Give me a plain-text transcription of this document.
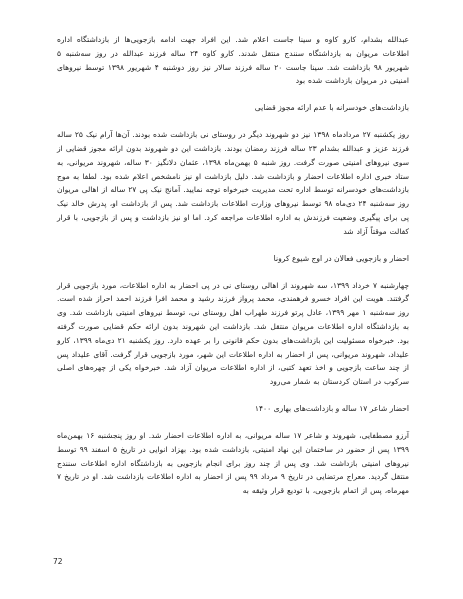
عبدالله بشدام، کارو کاوه و سینا جاست اعلام شد. این افراد جهت ادامه بازجویی‌ها از بازداشتگاه اداره اطلاعات مریوان به بازداشتگاه سنندج منتقل شدند. کارو کاوه ۲۴ ساله فرزند عبدالله در روز سه‌شنبه ۵ شهریور ۹۸ بازداشت شد. سینا جاست ۲۰ ساله فرزند سالار نیز روز دوشنبه ۴ شهریور ۱۳۹۸ توسط نیروهای امنیتی در مریوان بازداشت شده بود

بازداشت‌های خودسرانه با عدم ارائه مجوز قضایی

روز یکشنبه ۲۷ مردادماه ۱۳۹۸ نیز دو شهروند دیگر در روستای نی بازداشت شده بودند. آن‌ها آرام نیک ۲۵ ساله فرزند عزیز و عبدالله بشدام ۲۳ ساله فرزند رمضان بودند. بازداشت این دو شهروند بدون ارائه مجوز قضایی از سوی نیروهای امنیتی صورت گرفت. روز شنبه ۵ بهمن‌ماه ۱۳۹۸، عثمان دلانگیز ۳۰ ساله، شهروند مریوانی، به ستاد خبری اداره اطلاعات احضار و بازداشت شد. دلیل بازداشت او نیز نامشخص اعلام شده بود. لطفا به موج بازداشت‌های خودسرانه توسط اداره تحت مدیریت خبرخواه توجه نمایید. آمانج نیک پی ۲۷ ساله از اهالی مریوان روز سه‌شنبه ۲۴ دی‌ماه ۹۸ توسط نیروهای وزارت اطلاعات بازداشت شد. پس از بازداشت او، پدرش خالد نیک پی برای پیگیری وضعیت فرزندش به اداره اطلاعات مراجعه کرد. اما او نیز بازداشت و پس از بازجویی، با قرار کفالت موقتاً آزاد شد

احضار و بازجویی فعالان در اوج شیوع کرونا

چهارشنبه ۷ خرداد ۱۳۹۹، سه شهروند از اهالی روستای نی در پی احضار به اداره اطلاعات، مورد بازجویی قرار گرفتند. هویت این افراد خسرو فرهمندی، محمد پرواز فرزند رشید و محمد افرا فرزند احمد احراز شده است. روز سه‌شنبه ۱ مهر ۱۳۹۹، عادل پرتو فرزند طهراب اهل روستای نی، توسط نیروهای امنیتی بازداشت شد. وی به بازداشتگاه اداره اطلاعات مریوان منتقل شد. بازداشت این شهروند بدون ارائه حکم قضایی صورت گرفته بود. خبرخواه مسئولیت این بازداشت‌های بدون حکم قانونی را بر عهده دارد. روز یکشنبه ۲۱ دی‌ماه ۱۳۹۹، کارو علیداد، شهروند مریوانی، پس از احضار به اداره اطلاعات این شهر، مورد بازجویی قرار گرفت. آقای علیداد پس از چند ساعت بازجویی و اخذ تعهد کتبی، از اداره اطلاعات مریوان آزاد شد. خبرخواه یکی از چهره‌های اصلی سرکوب در استان کردستان به شمار می‌رود

احضار شاعر ۱۷ ساله و بازداشت‌های بهاری ۱۴۰۰

آرزو مصطفایی، شهروند و شاعر ۱۷ ساله مریوانی، به اداره اطلاعات احضار شد. او روز پنجشنبه ۱۶ بهمن‌ماه ۱۳۹۹ پس از حضور در ساختمان این نهاد امنیتی، بازداشت شده بود. بهزاد انوایی در تاریخ ۵ اسفند ۹۹ توسط نیروهای امنیتی بازداشت شد. وی پس از چند روز برای انجام بازجویی به بازداشتگاه اداره اطلاعات سنندج منتقل گردید. معراج مرتضایی در تاریخ ۹ مرداد ۹۹ پس از احضار به اداره اطلاعات بازداشت شد. او در تاریخ ۷ مهرماه، پس از اتمام بازجویی، با تودیع قرار وثیقه به

72
